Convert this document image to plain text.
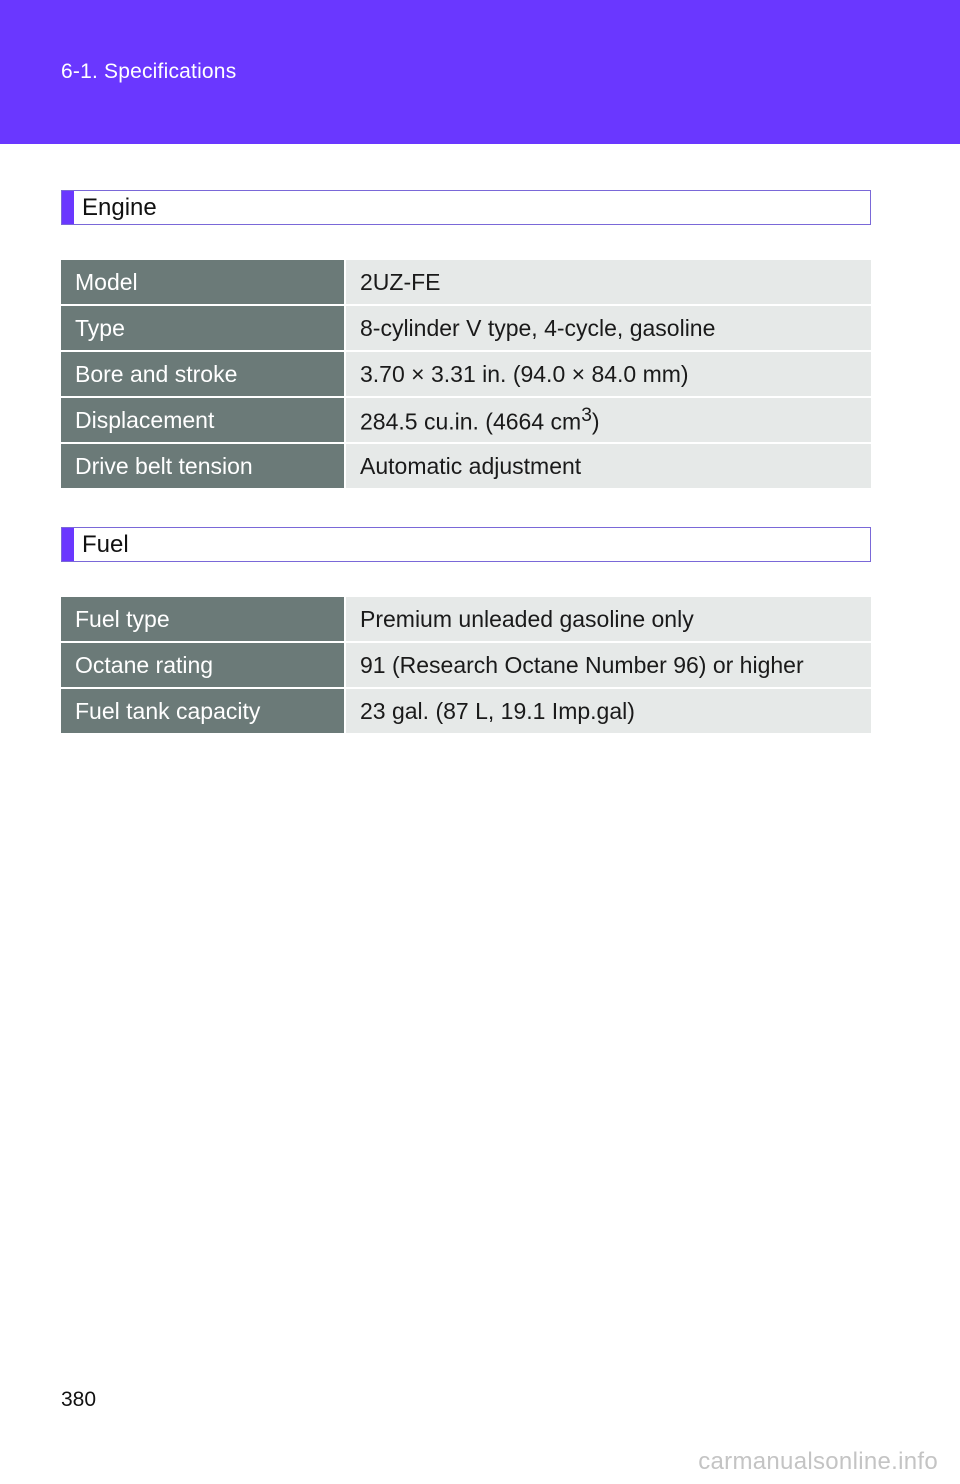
6-1. Specifications
Engine
Model	2UZ-FE
Type	8-cylinder V type, 4-cycle, gasoline
Bore and stroke	3.70 × 3.31 in. (94.0 × 84.0 mm)
Displacement	284.5 cu.in. (4664 $cm^3$)
Drive belt tension	Automatic adjustment
Fuel
Fuel type	Premium unleaded gasoline only
Octane rating	91 (Research Octane Number 96) or higher
Fuel tank capacity	23 gal. (87 L, 19.1 Imp.gal)
380
carmanualsonline.info
